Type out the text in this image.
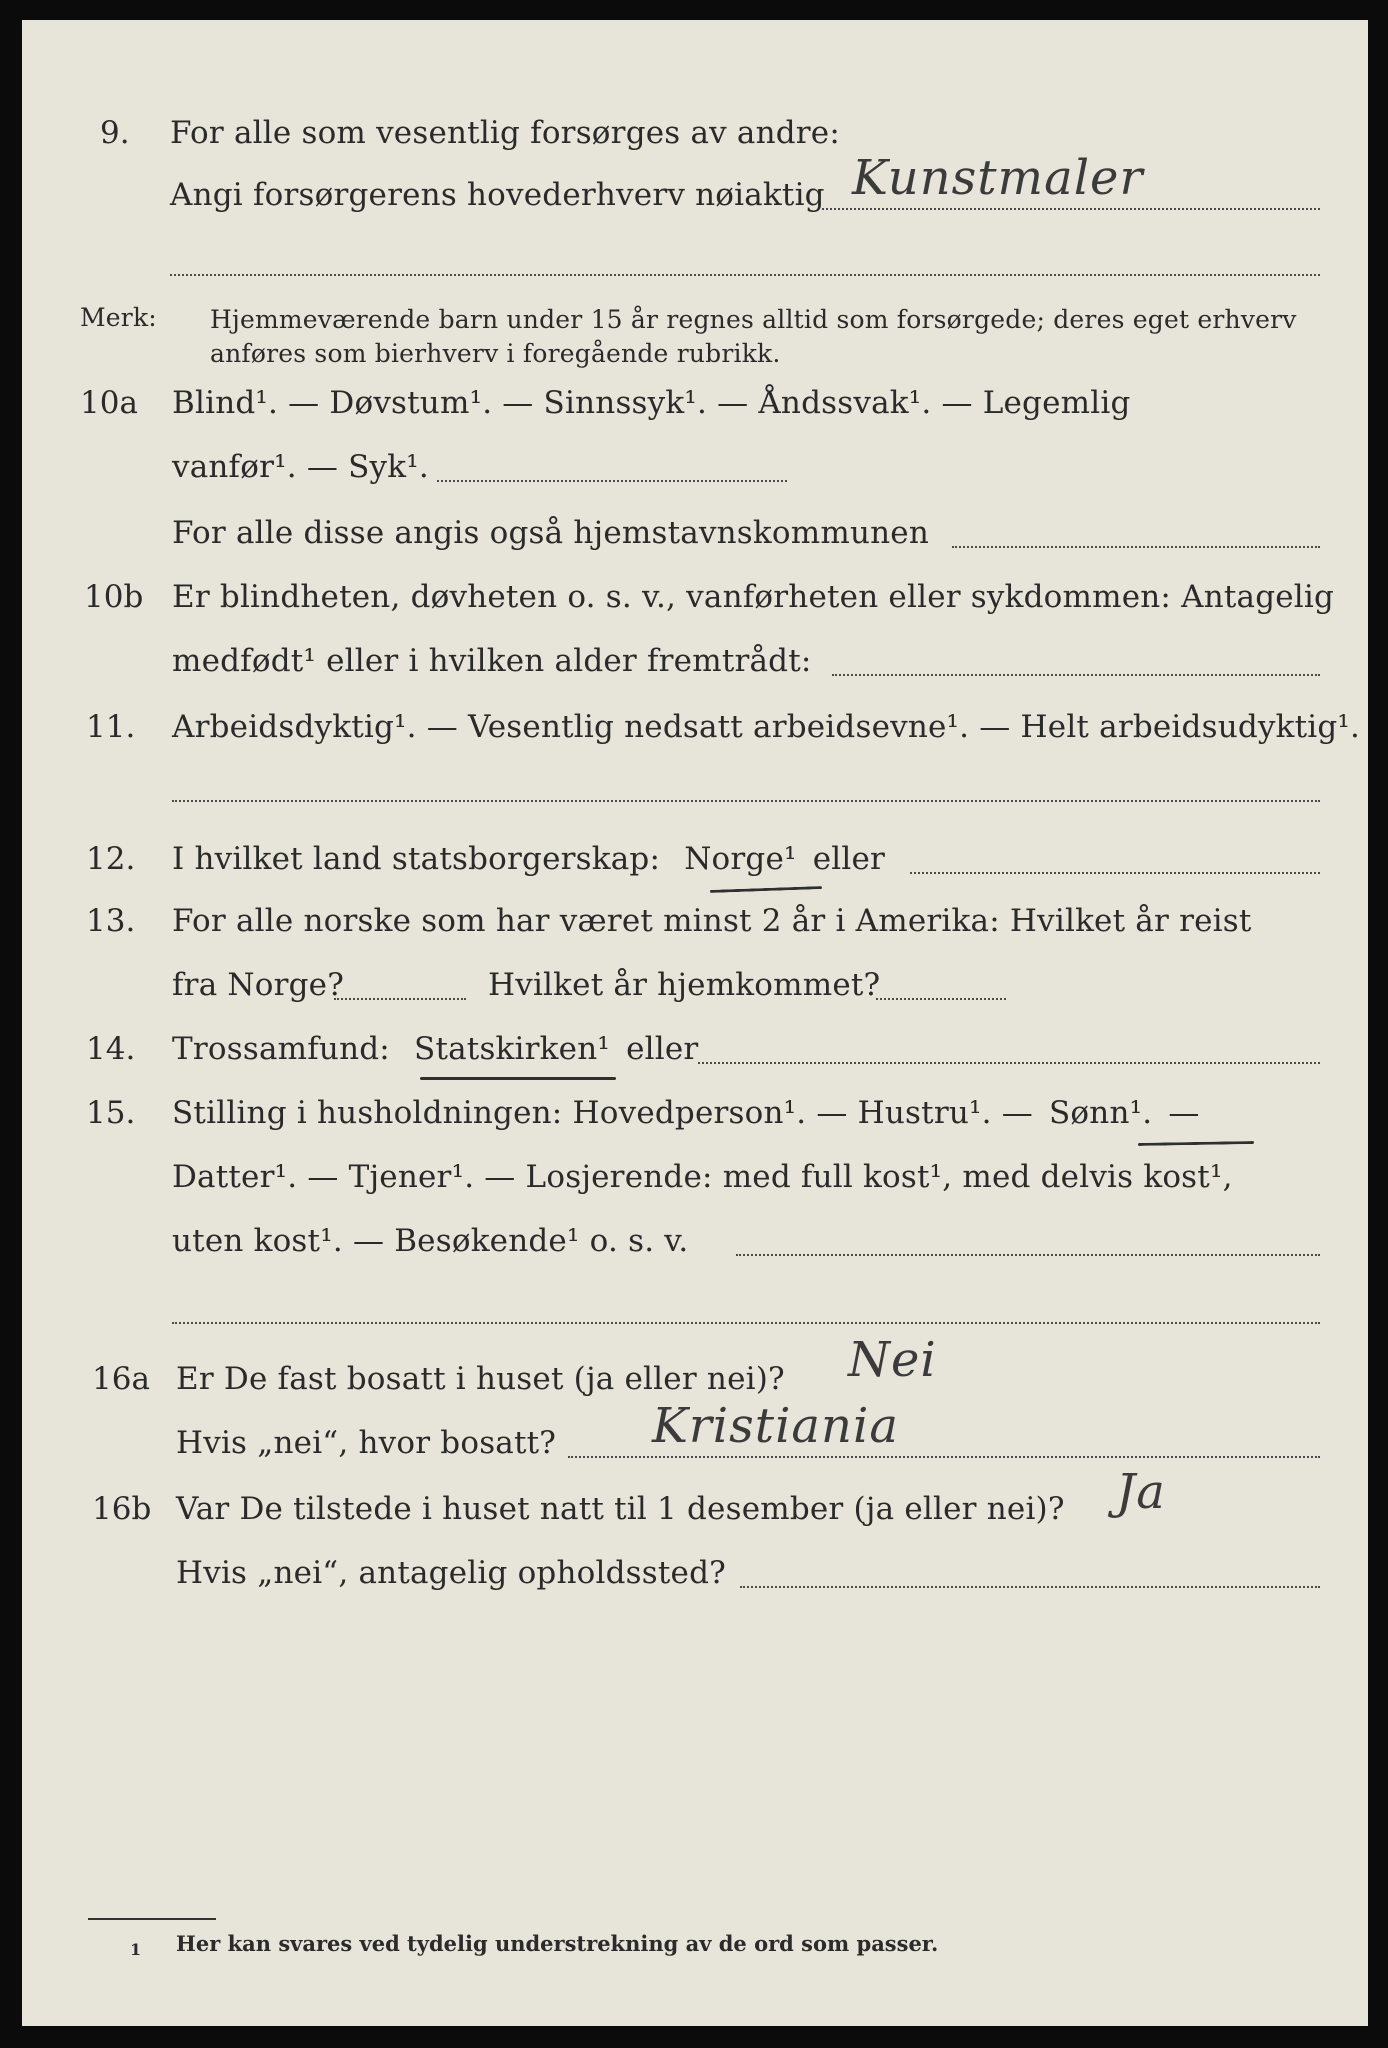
9. For alle som vesentlig forsørges av andre:
Angi forsørgerens hovederhverv nøiaktig Kunstmaler
Merk: Hjemmeværende barn under 15 år regnes alltid som forsørgede; deres eget erhverv
anføres som bierhverv i foregående rubrikk.
10a Blind¹. — Døvstum¹. — Sinnssyk¹. — Åndssvak¹. — Legemlig
vanfør¹. — Syk¹.
For alle disse angis også hjemstavnskommunen
10b Er blindheten, døvheten o. s. v., vanførheten eller sykdommen: Antagelig
medfødt¹ eller i hvilken alder fremtrådt:
11. Arbeidsdyktig¹. — Vesentlig nedsatt arbeidsevne¹. — Helt arbeidsudyktig¹.
12. I hvilket land statsborgerskap: Norge¹ eller
13. For alle norske som har været minst 2 år i Amerika: Hvilket år reist
fra Norge?	Hvilket år hjemkommet?
14. Trossamfund: Statskirken¹ eller
15. Stilling i husholdningen: Hovedperson¹. — Hustru¹. — Sønn¹. —
Datter¹. — Tjener¹. — Losjerende: med full kost¹, med delvis kost¹,
uten kost¹. — Besøkende¹ o. s. v.
16a Er De fast bosatt i huset (ja eller nei)? Nei
Hvis „nei“, hvor bosatt? Kristiania
16b Var De tilstede i huset natt til 1 desember (ja eller nei)? Ja
Hvis „nei“, antagelig opholdssted?
1 Her kan svares ved tydelig understrekning av de ord som passer.
